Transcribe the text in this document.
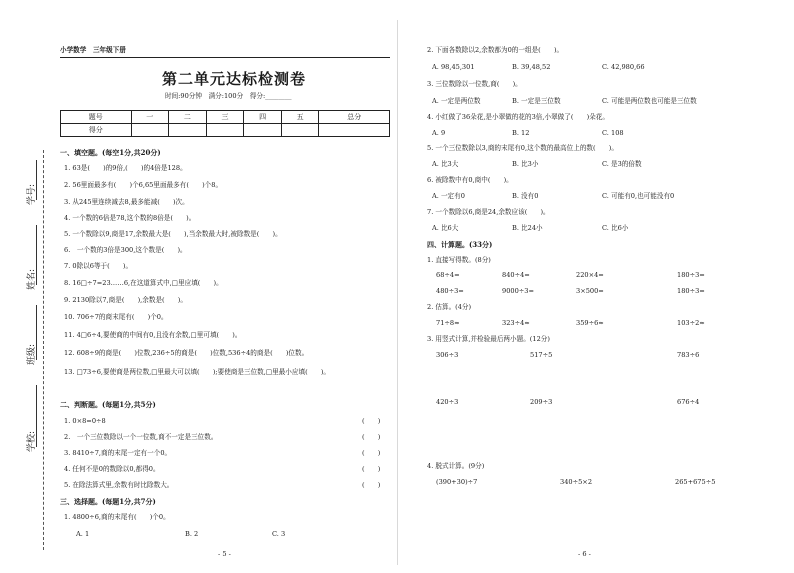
学号:
姓名:
班级:
学校:
小学数学　三年级下册
第二单元达标检测卷
时间:90分钟　满分:100分　得分:________
题号	一	二	三	四	五	总分
得分						
一、填空题。(每空1分,共20分)
1. 63是(　　)的9倍,(　　)的4倍是128。
2. 56里面最多有(　　)个6,65里面最多有(　　)个8。
3. 从245里连续减去8,最多能减(　　)次。
4. 一个数的6倍是78,这个数的8倍是(　　)。
5. 一个数除以9,商是17,余数最大是(　　),当余数最大时,被除数是(　　)。
6.　一个数的3倍是300,这个数是(　　)。
7. 0除以6等于(　　)。
8. 16□÷7=23……6,在这道算式中,□里应填(　　)。
9. 2130除以7,商是(　　),余数是(　　)。
10. 706÷7的商末尾有(　　)个0。
11. 4□6÷4,要使商的中间有0,且没有余数,□里可填(　　)。
12. 608÷9的商是(　　)位数,236÷5的商是(　　)位数,536÷4的商是(　　)位数。
13. □73÷6,要使商是两位数,□里最大可以填(　　);要使商是三位数,□里最小应填(　　)。
二、判断题。(每题1分,共5分)
1. 0×8=0÷8	(　　)
2.　一个三位数除以一个一位数,商不一定是三位数。	(　　)
3. 8410÷7,商的末尾一定有一个0。	(　　)
4. 任何不是0的数除以0,都得0。	(　　)
5. 在除法算式里,余数有时比除数大。	(　　)
三、选择题。(每题1分,共7分)
1. 4800÷6,商的末尾有(　　)个0。
A. 1	B. 2	C. 3
- 5 -
2. 下面各数除以2,余数都为0的一组是(　　)。
A. 98,45,301	B. 39,48,52	C. 42,980,66
3. 三位数除以一位数,商(　　)。
A. 一定是两位数	B. 一定是三位数	C. 可能是两位数也可能是三位数
4. 小红做了36朵花,是小翠做的花的3倍,小翠做了(　　)朵花。
A. 9	B. 12	C. 108
5. 一个三位数除以3,商的末尾有0,这个数的最高位上的数(　　)。
A. 比3大	B. 比3小	C. 是3的倍数
6. 被除数中有0,商中(　　)。
A. 一定有0	B. 没有0	C. 可能有0,也可能没有0
7. 一个数除以6,商是24,余数应该(　　)。
A. 比6大	B. 比24小	C. 比6小
四、计算题。(33分)
1. 直接写得数。(8分)
68÷4=	840÷4=	220×4=	180÷3=
480÷3=	9000÷3=	3×500=	180÷3=
2. 估算。(4分)
71÷8≈	323÷4≈	359÷6≈	103÷2≈
3. 用竖式计算,并检验最后两小题。(12分)
306÷3	517÷5	783÷6
420÷3	209÷3	676÷4
4. 脱式计算。(9分)
(390+30)÷7	340÷5×2	265+675÷5
- 6 -
